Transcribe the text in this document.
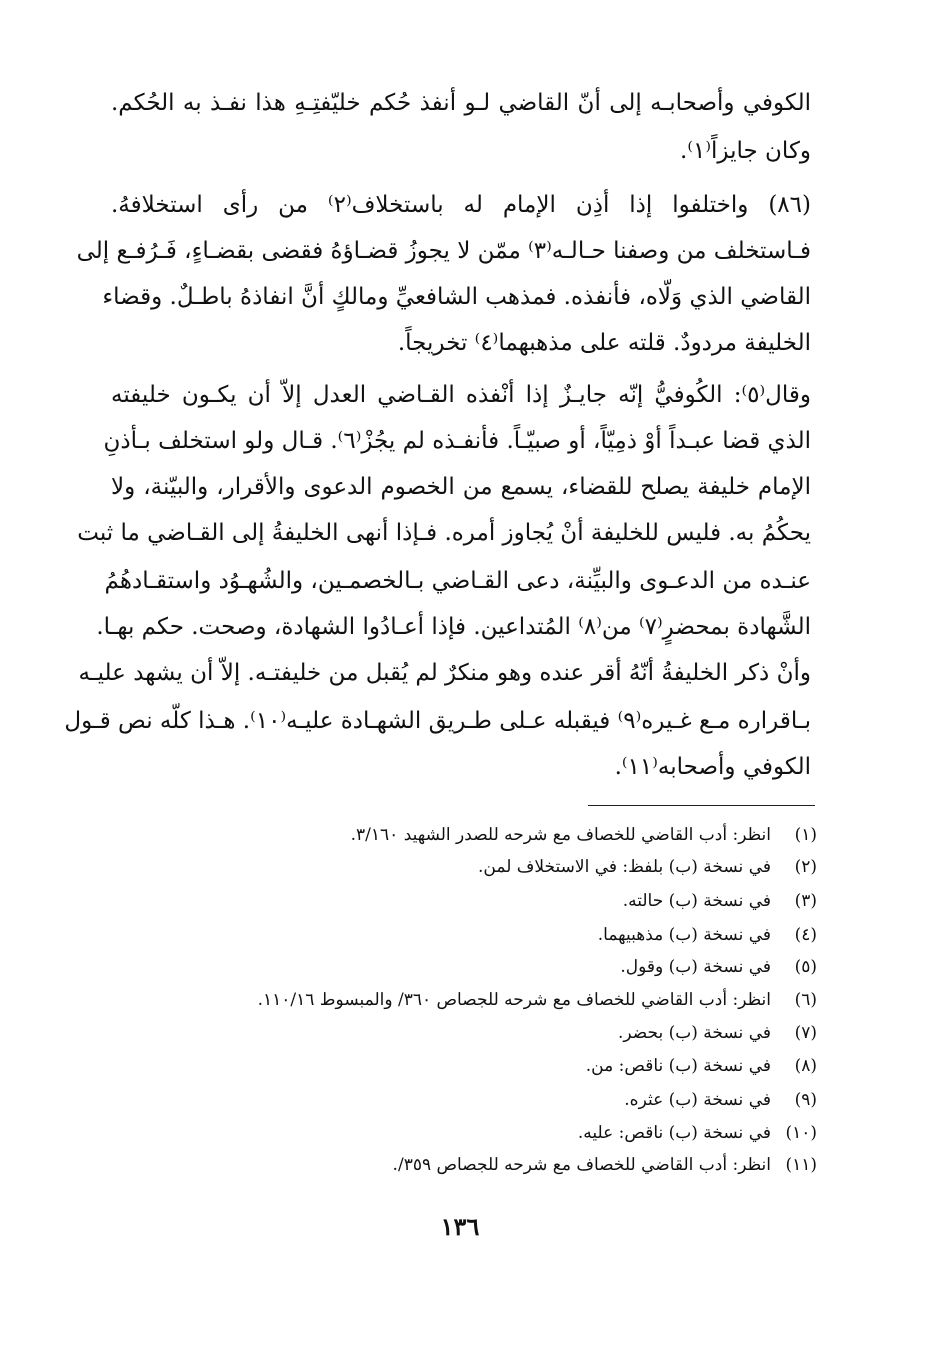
الكوفي وأصحابـه إلى أنّ القاضي لـو أنفذ حُكم خليّفتِـهِ هذا نفـذ به الحُكم.
وكان جايزاً⁽١⁾.
(٨٦) واختلفوا إذا أذِن الإمام له باستخلاف⁽٢⁾ من رأى استخلافهُ.
فـاستخلف من وصفنا حـالـه⁽٣⁾ ممّن لا يجوزُ قضـاؤهُ فقضى بقضـاءٍ، فَـرُفـع إلى
القاضي الذي وَلّاه، فأنفذه. فمذهب الشافعيِّ ومالكٍ أنَّ انفاذهُ باطـلٌ. وقضاء
الخليفة مردودٌ. قلته على مذهبهما⁽٤⁾ تخريجاً.
وقال⁽٥⁾: الكُوفيُّ إنّه جايـزٌ إذا أنْفذه القـاضي العدل إلاّ أن يكـون خليفته
الذي قضا عبـداً أوْ ذمِيّاً، أو صبيّـاً. فأنفـذه لم يجُزْ⁽٦⁾. قـال ولو استخلف بـأذنِ
الإمام خليفة يصلح للقضاء، يسمع من الخصوم الدعوى والأقرار، والبيّنة، ولا
يحكُمُ به. فليس للخليفة أنْ يُجاوز أمره. فـإذا أنهى الخليفةُ إلى القـاضي ما ثبت
عنـده من الدعـوى والبيِّنة، دعى القـاضي بـالخصمـين، والشُهـوُد واستقـادهُمُ
الشَّهادة بمحضرٍ⁽٧⁾ من⁽٨⁾ المُتداعين. فإذا أعـادُوا الشهادة، وصحت. حكم بهـا.
وأنْ ذكر الخليفةُ أنّهُ أقر عنده وهو منكرٌ لم يُقبل من خليفتـه. إلاّ أن يشهد عليـه
بـاقراره مـع غـيره⁽٩⁾ فيقبله عـلى طـريق الشهـادة عليـه⁽١٠⁾. هـذا كلّه نص قـول
الكوفي وأصحابه⁽١١⁾.
(١)
انظر: أدب القاضي للخصاف مع شرحه للصدر الشهيد ٣/١٦٠.
(٢)
في نسخة (ب) بلفظ: في الاستخلاف لمن.
(٣)
في نسخة (ب) حالته.
(٤)
في نسخة (ب) مذهبيهما.
(٥)
في نسخة (ب) وقول.
(٦)
انظر: أدب القاضي للخصاف مع شرحه للجصاص ٣٦٠/ والمبسوط ١١٠/١٦.
(٧)
في نسخة (ب) بحضر.
(٨)
في نسخة (ب) ناقص: من.
(٩)
في نسخة (ب) عثره.
(١٠)
في نسخة (ب) ناقص: عليه.
(١١)
انظر: أدب القاضي للخصاف مع شرحه للجصاص ٣٥٩/.
١٣٦
